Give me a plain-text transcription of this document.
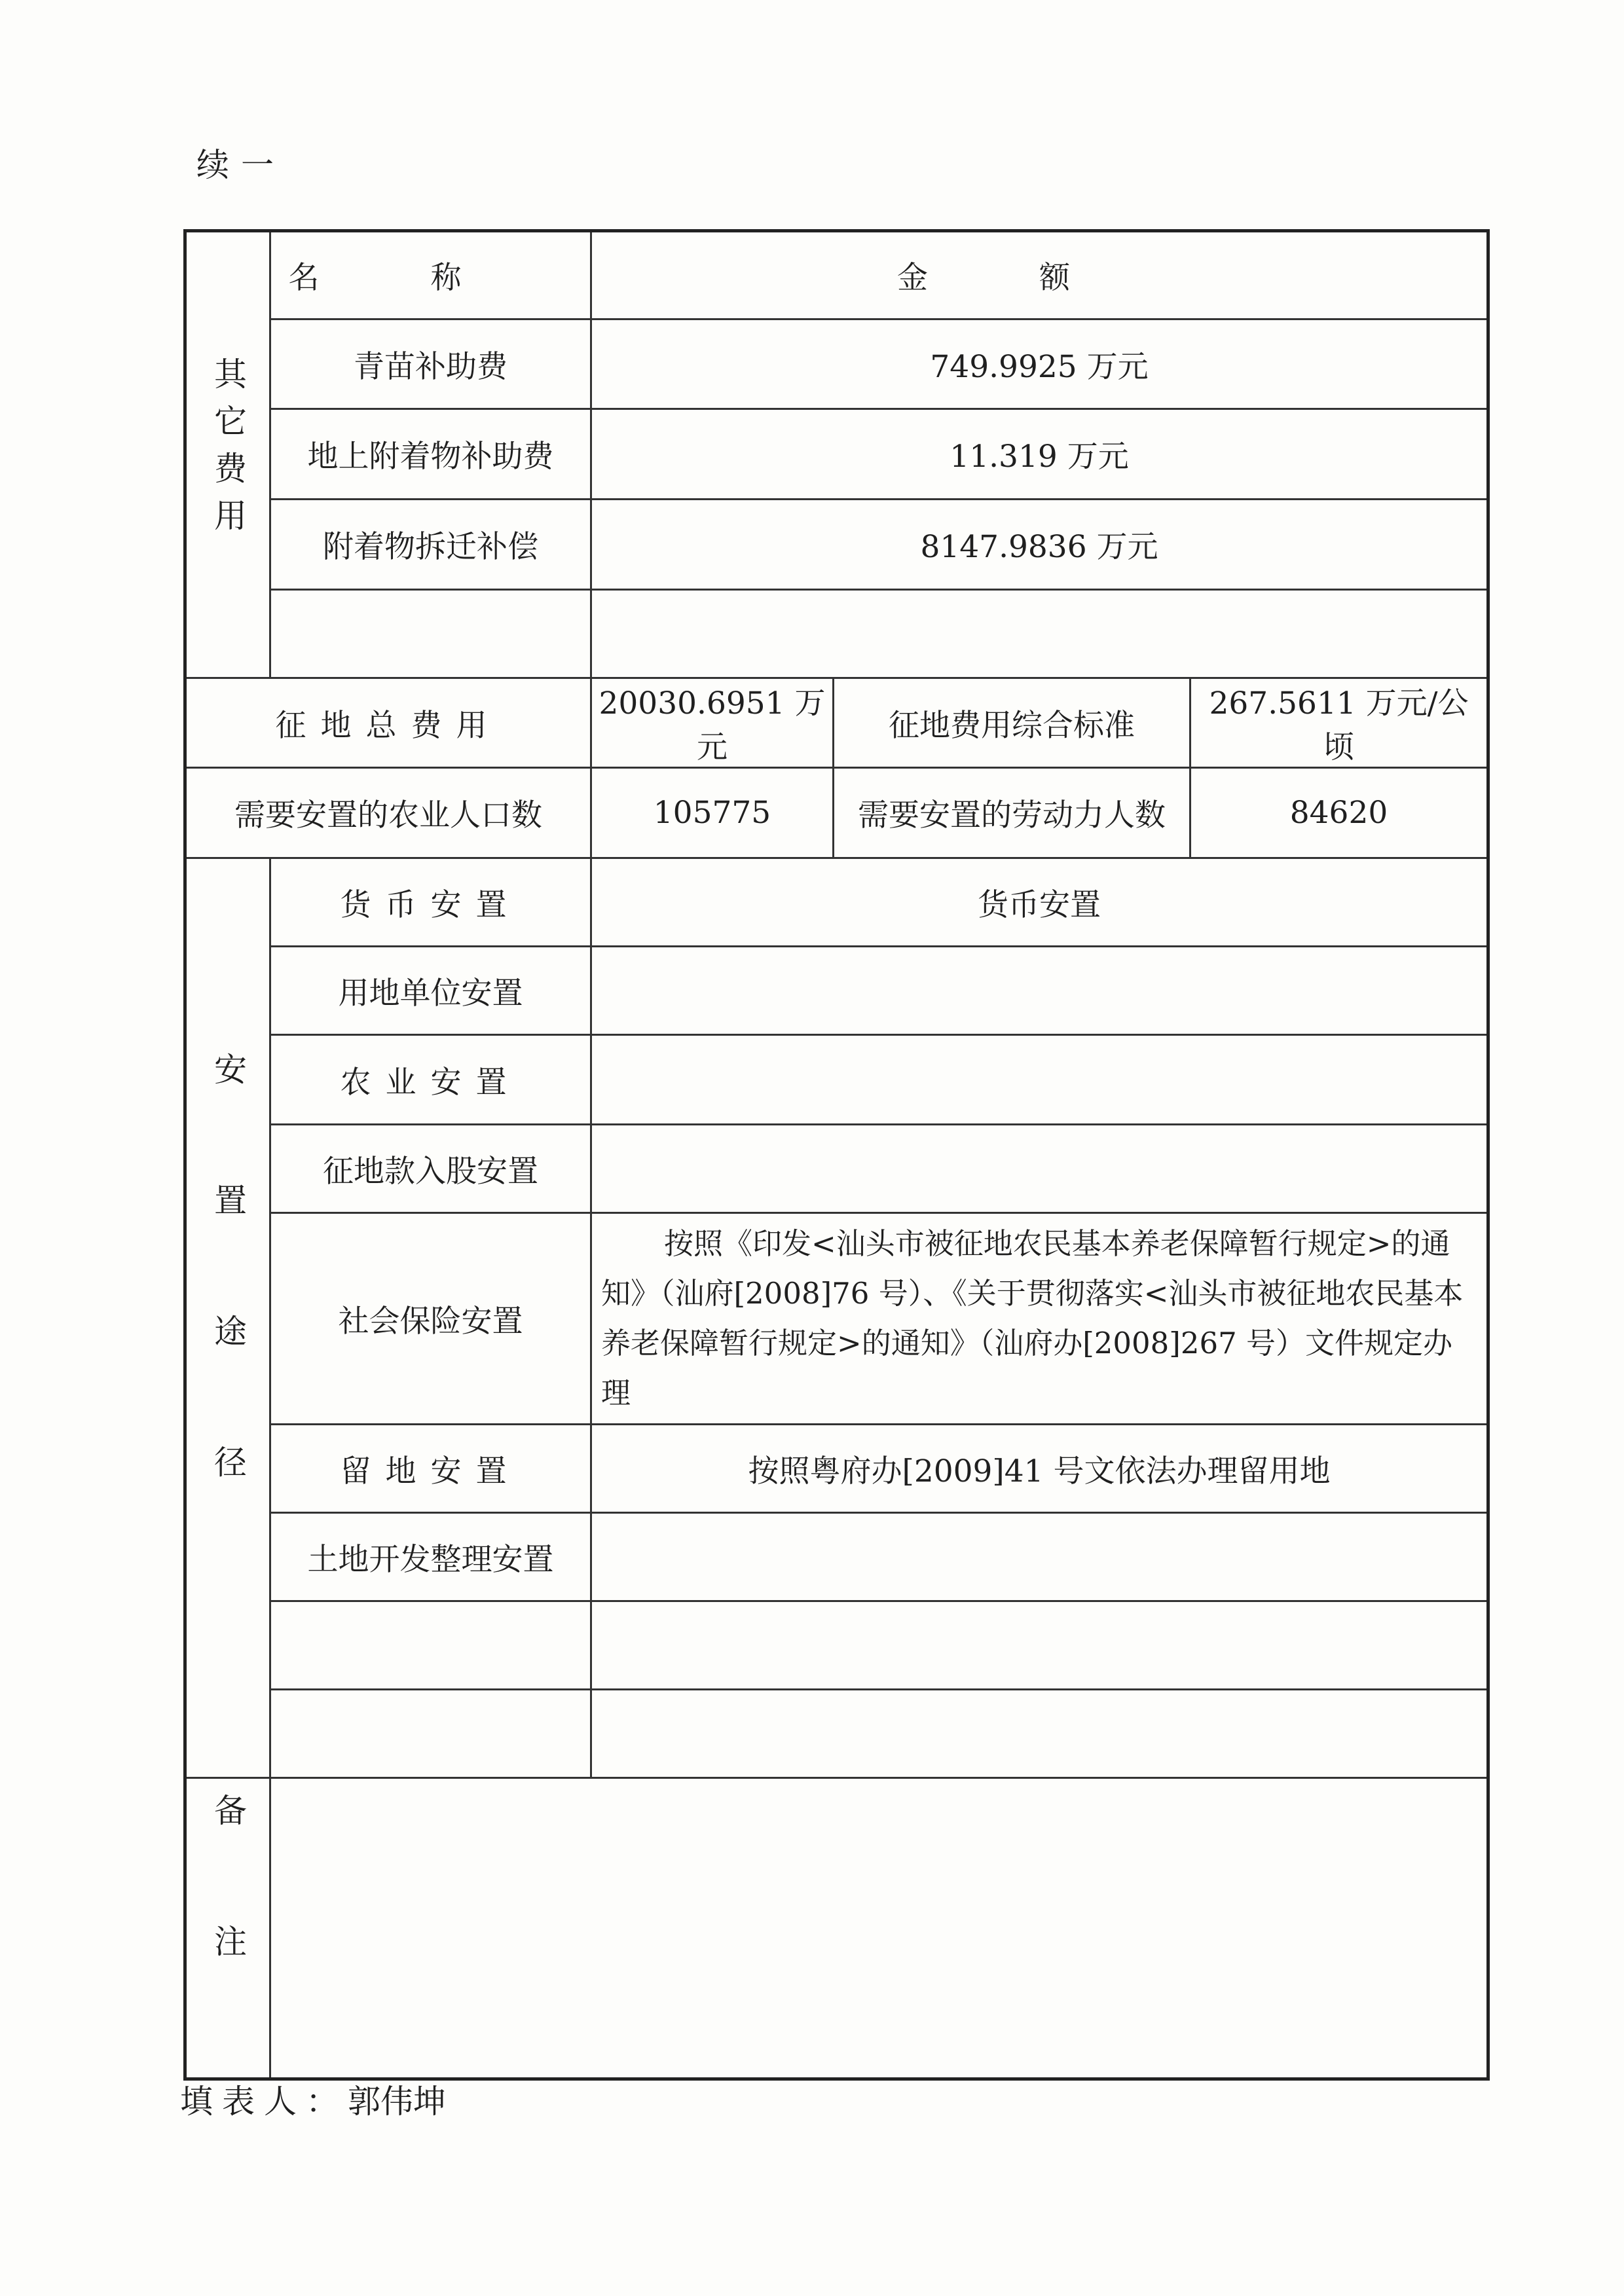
续一
其它费用	名称	金额		
	青苗补助费	749.9925 万元		
	地上附着物补助费	11.319 万元		
	附着物拆迁补偿	8147.9836 万元		

征地总费用		20030.6951 万元	征地费用综合标准	267.5611 万元/公顷
需要安置的农业人口数		105775	需要安置的劳动力人数	84620
安置途径	货币安置	货币安置		
	用地单位安置			
	农业安置			
	征地款入股安置			
	社会保险安置	按照《印发<汕头市被征地农民基本养老保障暂行规定>的通知》（汕府[2008]76 号）、《关于贯彻落实<汕头市被征地农民基本养老保障暂行规定>的通知》（汕府办[2008]267 号）文件规定办理		
	留地安置	按照粤府办[2009]41 号文依法办理留用地		
	土地开发整理安置			

备注				
填表人：郭伟坤
